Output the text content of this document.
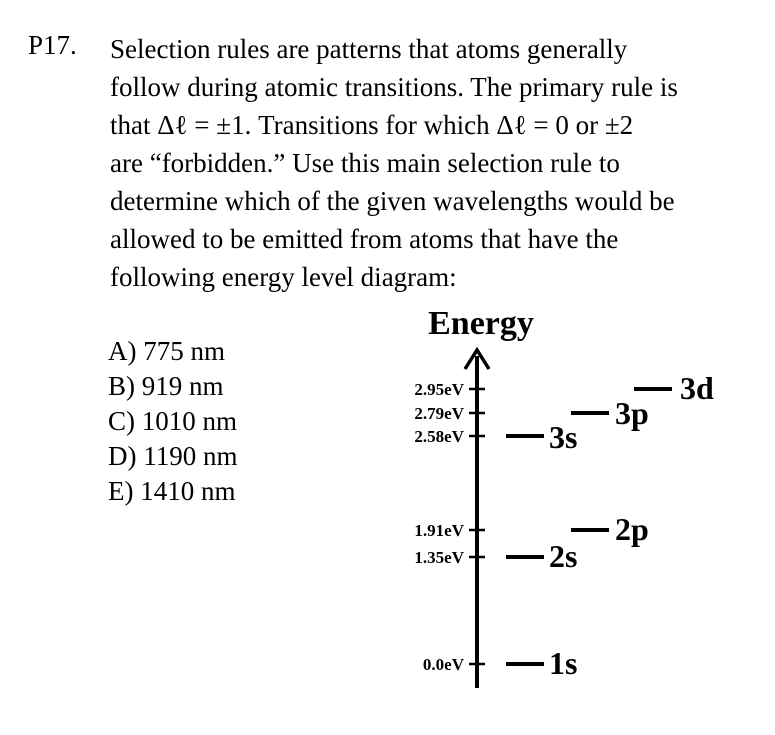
P17. Selection rules are patterns that atoms generally
follow during atomic transitions. The primary rule is
that Δℓ = ±1. Transitions for which Δℓ = 0 or ±2
are “forbidden.” Use this main selection rule to
determine which of the given wavelengths would be
allowed to be emitted from atoms that have the
following energy level diagram:
A) 775 nm
B) 919 nm
C) 1010 nm
D) 1190 nm
E) 1410 nm
Energy
2.95eV
2.79eV
2.58eV
1.91eV
1.35eV
0.0eV	1s
2s
2p
3s
3p
3d
